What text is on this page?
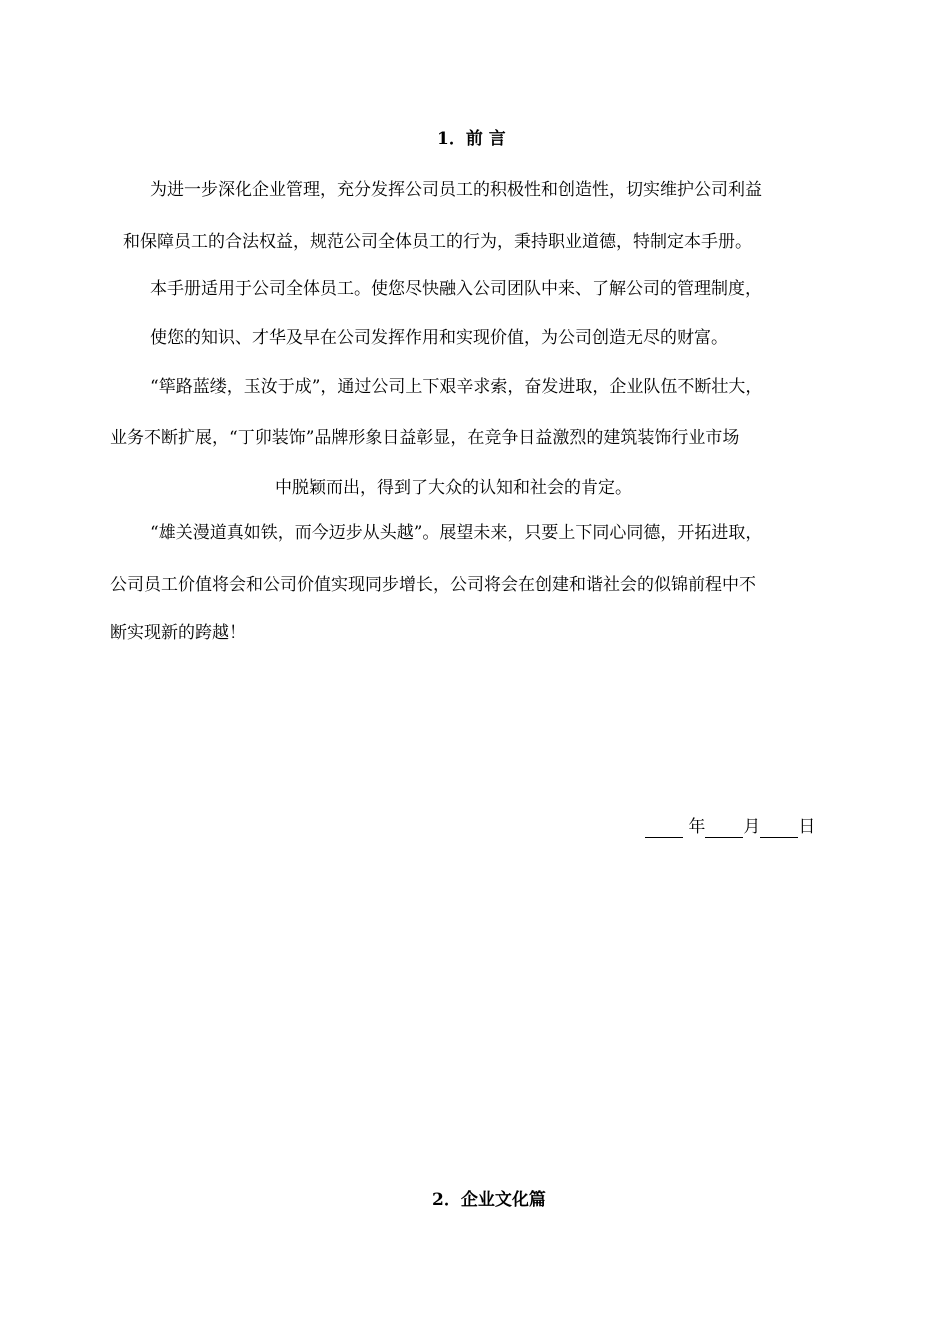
1．前 言
为进一步深化企业管理，充分发挥公司员工的积极性和创造性，切实维护公司利益
和保障员工的合法权益，规范公司全体员工的行为，秉持职业道德，特制定本手册。
本手册适用于公司全体员工。使您尽快融入公司团队中来、了解公司的管理制度，
使您的知识、才华及早在公司发挥作用和实现价值，为公司创造无尽的财富。
“筚路蓝缕，玉汝于成”，通过公司上下艰辛求索，奋发进取，企业队伍不断壮大，
业务不断扩展，“丁卯装饰”品牌形象日益彰显，在竞争日益激烈的建筑装饰行业市场
中脱颖而出，得到了大众的认知和社会的肯定。
“雄关漫道真如铁，而今迈步从头越”。展望未来，只要上下同心同德，开拓进取，
公司员工价值将会和公司价值实现同步增长，公司将会在创建和谐社会的似锦前程中不
断实现新的跨越！
年 月 日
2．企业文化篇
